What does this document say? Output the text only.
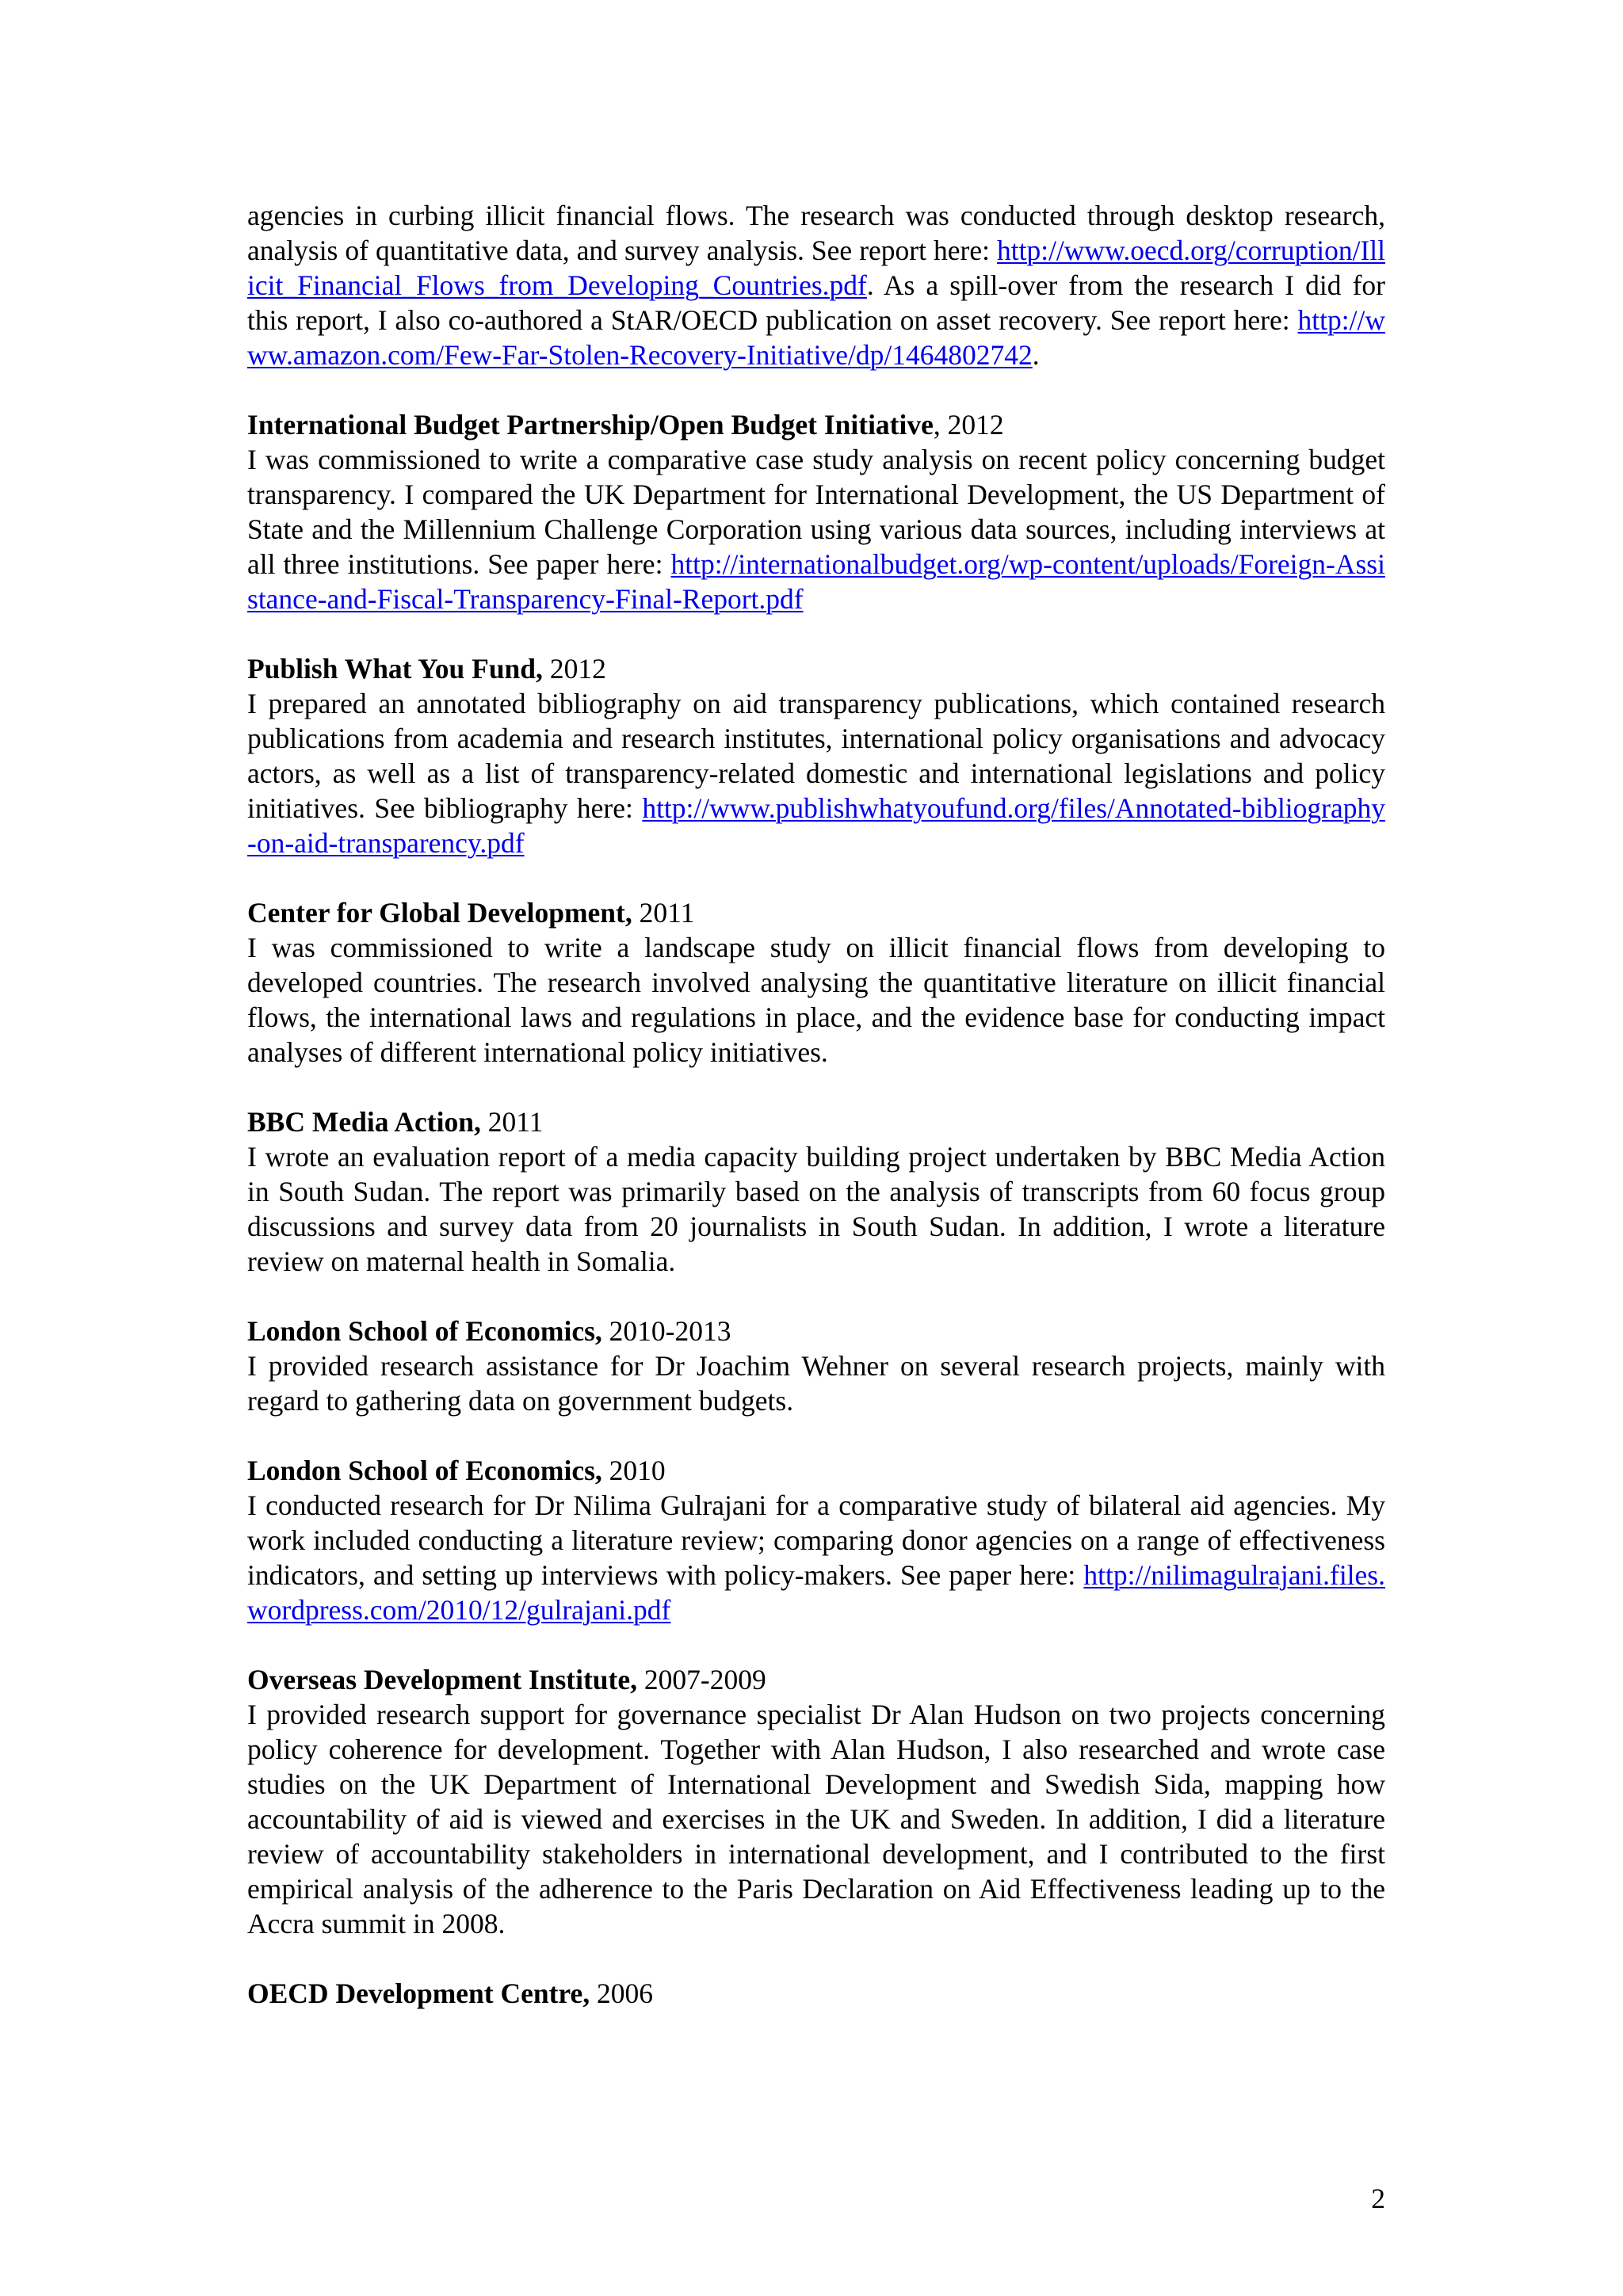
agencies in curbing illicit financial flows. The research was conducted through desktop research, analysis of quantitative data, and survey analysis. See report here: http://www.oecd.org/corruption/Illicit_Financial_Flows_from_Developing_Countries.pdf. As a spill-over from the research I did for this report, I also co-authored a StAR/OECD publication on asset recovery. See report here: http://www.amazon.com/Few-Far-Stolen-Recovery-Initiative/dp/1464802742.

International Budget Partnership/Open Budget Initiative, 2012

I was commissioned to write a comparative case study analysis on recent policy concerning budget transparency. I compared the UK Department for International Development, the US Department of State and the Millennium Challenge Corporation using various data sources, including interviews at all three institutions. See paper here: http://internationalbudget.org/wp-content/uploads/Foreign-Assistance-and-Fiscal-Transparency-Final-Report.pdf

Publish What You Fund, 2012

I prepared an annotated bibliography on aid transparency publications, which contained research publications from academia and research institutes, international policy organisations and advocacy actors, as well as a list of transparency-related domestic and international legislations and policy initiatives. See bibliography here: http://www.publishwhatyoufund.org/files/Annotated-bibliography-on-aid-transparency.pdf

Center for Global Development, 2011

I was commissioned to write a landscape study on illicit financial flows from developing to developed countries. The research involved analysing the quantitative literature on illicit financial flows, the international laws and regulations in place, and the evidence base for conducting impact analyses of different international policy initiatives.

BBC Media Action, 2011

I wrote an evaluation report of a media capacity building project undertaken by BBC Media Action in South Sudan. The report was primarily based on the analysis of transcripts from 60 focus group discussions and survey data from 20 journalists in South Sudan. In addition, I wrote a literature review on maternal health in Somalia.

London School of Economics, 2010-2013

I provided research assistance for Dr Joachim Wehner on several research projects, mainly with regard to gathering data on government budgets.

London School of Economics, 2010

I conducted research for Dr Nilima Gulrajani for a comparative study of bilateral aid agencies. My work included conducting a literature review; comparing donor agencies on a range of effectiveness indicators, and setting up interviews with policy-makers. See paper here: http://nilimagulrajani.files.wordpress.com/2010/12/gulrajani.pdf

Overseas Development Institute, 2007-2009

I provided research support for governance specialist Dr Alan Hudson on two projects concerning policy coherence for development. Together with Alan Hudson, I also researched and wrote case studies on the UK Department of International Development and Swedish Sida, mapping how accountability of aid is viewed and exercises in the UK and Sweden. In addition, I did a literature review of accountability stakeholders in international development, and I contributed to the first empirical analysis of the adherence to the Paris Declaration on Aid Effectiveness leading up to the Accra summit in 2008.

OECD Development Centre, 2006

2
